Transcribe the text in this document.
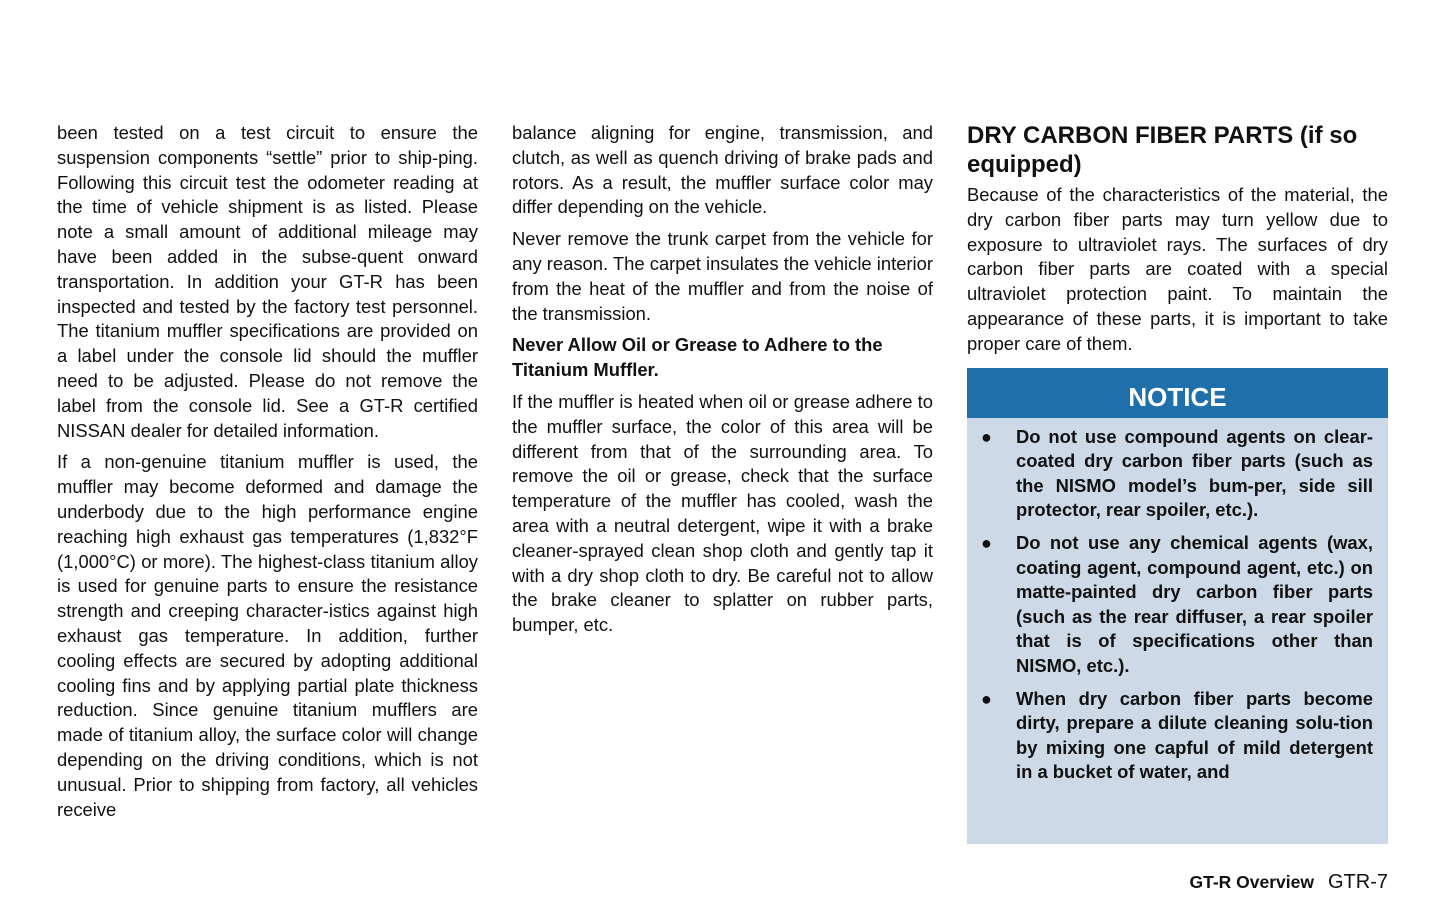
been tested on a test circuit to ensure the suspension components “settle” prior to ship-ping. Following this circuit test the odometer reading at the time of vehicle shipment is as listed. Please note a small amount of additional mileage may have been added in the subse-quent onward transportation. In addition your GT-R has been inspected and tested by the factory test personnel. The titanium muffler specifications are provided on a label under the console lid should the muffler need to be adjusted. Please do not remove the label from the console lid. See a GT-R certified NISSAN dealer for detailed information.

If a non-genuine titanium muffler is used, the muffler may become deformed and damage the underbody due to the high performance engine reaching high exhaust gas temperatures (1,832°F (1,000°C) or more). The highest-class titanium alloy is used for genuine parts to ensure the resistance strength and creeping character-istics against high exhaust gas temperature. In addition, further cooling effects are secured by adopting additional cooling fins and by applying partial plate thickness reduction. Since genuine titanium mufflers are made of titanium alloy, the surface color will change depending on the driving conditions, which is not unusual. Prior to shipping from factory, all vehicles receive

balance aligning for engine, transmission, and clutch, as well as quench driving of brake pads and rotors. As a result, the muffler surface color may differ depending on the vehicle.

Never remove the trunk carpet from the vehicle for any reason. The carpet insulates the vehicle interior from the heat of the muffler and from the noise of the transmission.

Never Allow Oil or Grease to Adhere to the Titanium Muffler.

If the muffler is heated when oil or grease adhere to the muffler surface, the color of this area will be different from that of the surrounding area. To remove the oil or grease, check that the surface temperature of the muffler has cooled, wash the area with a neutral detergent, wipe it with a brake cleaner-sprayed clean shop cloth and gently tap it with a dry shop cloth to dry. Be careful not to allow the brake cleaner to splatter on rubber parts, bumper, etc.

DRY CARBON FIBER PARTS (if so equipped)

Because of the characteristics of the material, the dry carbon fiber parts may turn yellow due to exposure to ultraviolet rays. The surfaces of dry carbon fiber parts are coated with a special ultraviolet protection paint. To maintain the appearance of these parts, it is important to take proper care of them.

NOTICE
● Do not use compound agents on clear-coated dry carbon fiber parts (such as the NISMO model’s bum-per, side sill protector, rear spoiler, etc.).
● Do not use any chemical agents (wax, coating agent, compound agent, etc.) on matte-painted dry carbon fiber parts (such as the rear diffuser, a rear spoiler that is of specifications other than NISMO, etc.).
● When dry carbon fiber parts become dirty, prepare a dilute cleaning solu-tion by mixing one capful of mild detergent in a bucket of water, and
GT-R Overview GTR-7
